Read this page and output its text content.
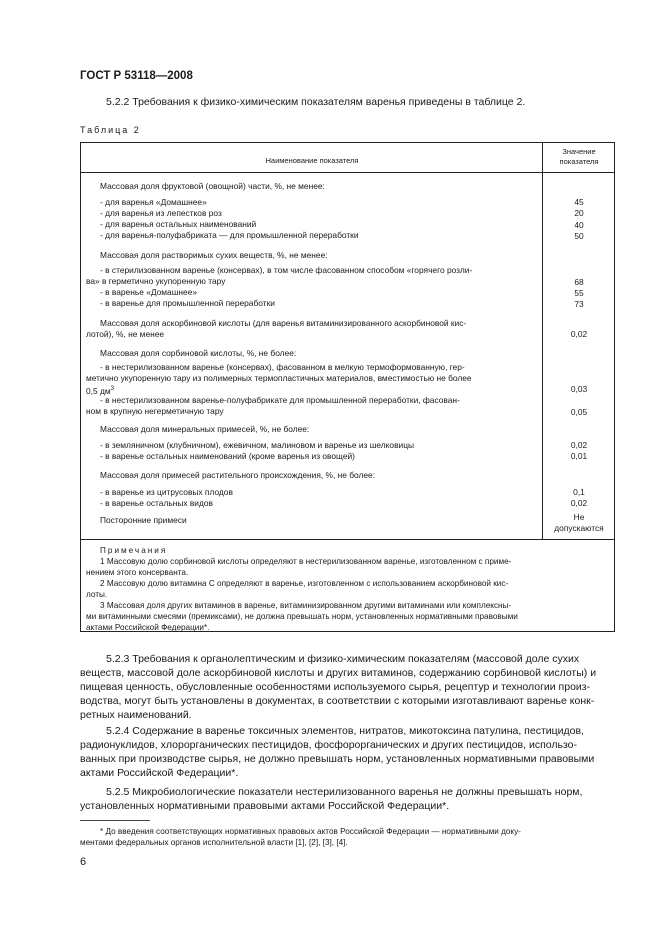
ГОСТ Р 53118—2008
5.2.2 Требования к физико-химическим показателям варенья приведены в таблице 2.
Таблица 2
Наименование показателя
Значение
показателя
Массовая доля фруктовой (овощной) части, %, не менее:
- для варенья «Домашнее»
- для варенья из лепестков роз
- для варенья остальных наименований
- для варенья-полуфабриката — для промышленной переработки
Массовая доля растворимых сухих веществ, %, не менее:
- в стерилизованном варенье (консервах), в том числе фасованном способом «горячего розли-
ва» в герметично укупоренную тару
- в варенье «Домашнее»
- в варенье для промышленной переработки
Массовая доля аскорбиновой кислоты (для варенья витаминизированного аскорбиновой кис-
лотой), %, не менее
Массовая доля сорбиновой кислоты, %, не более:
- в нестерилизованном варенье (консервах), фасованном в мелкую термоформованную, гер-
метично укупоренную тару из полимерных термопластичных материалов, вместимостью не более
0,5 $дм^3$
- в нестерилизованном варенье-полуфабрикате для промышленной переработки, фасован-
ном в крупную негерметичную тару
Массовая доля минеральных примесей, %, не более:
- в земляничном (клубничном), ежевичном, малиновом и варенье из шелковицы
- в варенье остальных наименований (кроме варенья из овощей)
Массовая доля примесей растительного происхождения, %, не более:
- в варенье из цитрусовых плодов
- в варенье остальных видов
Посторонние примеси
45
20
40
50
68
55
73
0,02
0,03
0,05
0,02
0,01
0,1
0,02
Не
допускаются
Примечания
1 Массовую долю сорбиновой кислоты определяют в нестерилизованном варенье, изготовленном с приме-
нением этого консерванта.
2 Массовую долю витамина С определяют в варенье, изготовленном с использованием аскорбиновой кис-
лоты.
3 Массовая доля других витаминов в варенье, витаминизированном другими витаминами или комплексны-
ми витаминными смесями (премиксами), не должна превышать норм, установленных нормативными правовыми
актами Российской Федерации*.
5.2.3 Требования к органолептическим и физико-химическим показателям (массовой доле сухих
веществ, массовой доле аскорбиновой кислоты и других витаминов, содержанию сорбиновой кислоты) и
пищевая ценность, обусловленные особенностями используемого сырья, рецептур и технологии произ-
водства, могут быть установлены в документах, в соответствии с которыми изготавливают варенье конк-
ретных наименований.
5.2.4 Содержание в варенье токсичных элементов, нитратов, микотоксина патулина, пестицидов,
радионуклидов, хлорорганических пестицидов, фосфорорганических и других пестицидов, использо-
ванных при производстве сырья, не должно превышать норм, установленных нормативными правовыми
актами Российской Федерации*.
5.2.5 Микробиологические показатели нестерилизованного варенья не должны превышать норм,
установленных нормативными правовыми актами Российской Федерации*.
* До введения соответствующих нормативных правовых актов Российской Федерации — нормативными доку-
ментами федеральных органов исполнительной власти [1], [2], [3], [4].
6
